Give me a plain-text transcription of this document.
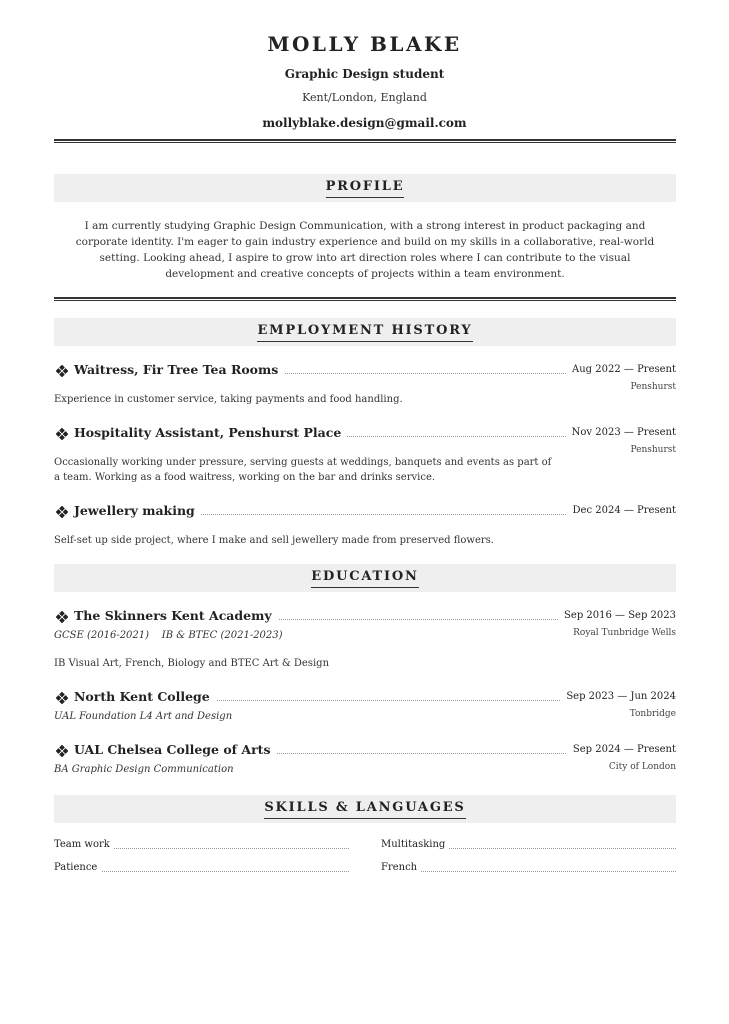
MOLLY BLAKE
Graphic Design student
Kent/London, England
mollyblake.design@gmail.com
PROFILE
I am currently studying Graphic Design Communication, with a strong interest in product packaging and corporate identity. I'm eager to gain industry experience and build on my skills in a collaborative, real-world setting. Looking ahead, I aspire to grow into art direction roles where I can contribute to the visual development and creative concepts of projects within a team environment.
EMPLOYMENT HISTORY
Waitress, Fir Tree Tea Rooms	Aug 2022 — Present
Penshurst
Experience in customer service, taking payments and food handling.
Hospitality Assistant, Penshurst Place	Nov 2023 — Present
Penshurst
Occasionally working under pressure, serving guests at weddings, banquets and events as part of a team. Working as a food waitress, working on the bar and drinks service.
Jewellery making	Dec 2024 — Present
Self-set up side project, where I make and sell jewellery made from preserved flowers.
EDUCATION
The Skinners Kent Academy	Sep 2016 — Sep 2023
Royal Tunbridge Wells
GCSE (2016-2021)    IB & BTEC (2021-2023)
IB Visual Art, French, Biology and BTEC Art & Design
North Kent College	Sep 2023 — Jun 2024
Tonbridge
UAL Foundation L4 Art and Design
UAL Chelsea College of Arts	Sep 2024 — Present
City of London
BA Graphic Design Communication
SKILLS & LANGUAGES
Team work	Multitasking
Patience	French
